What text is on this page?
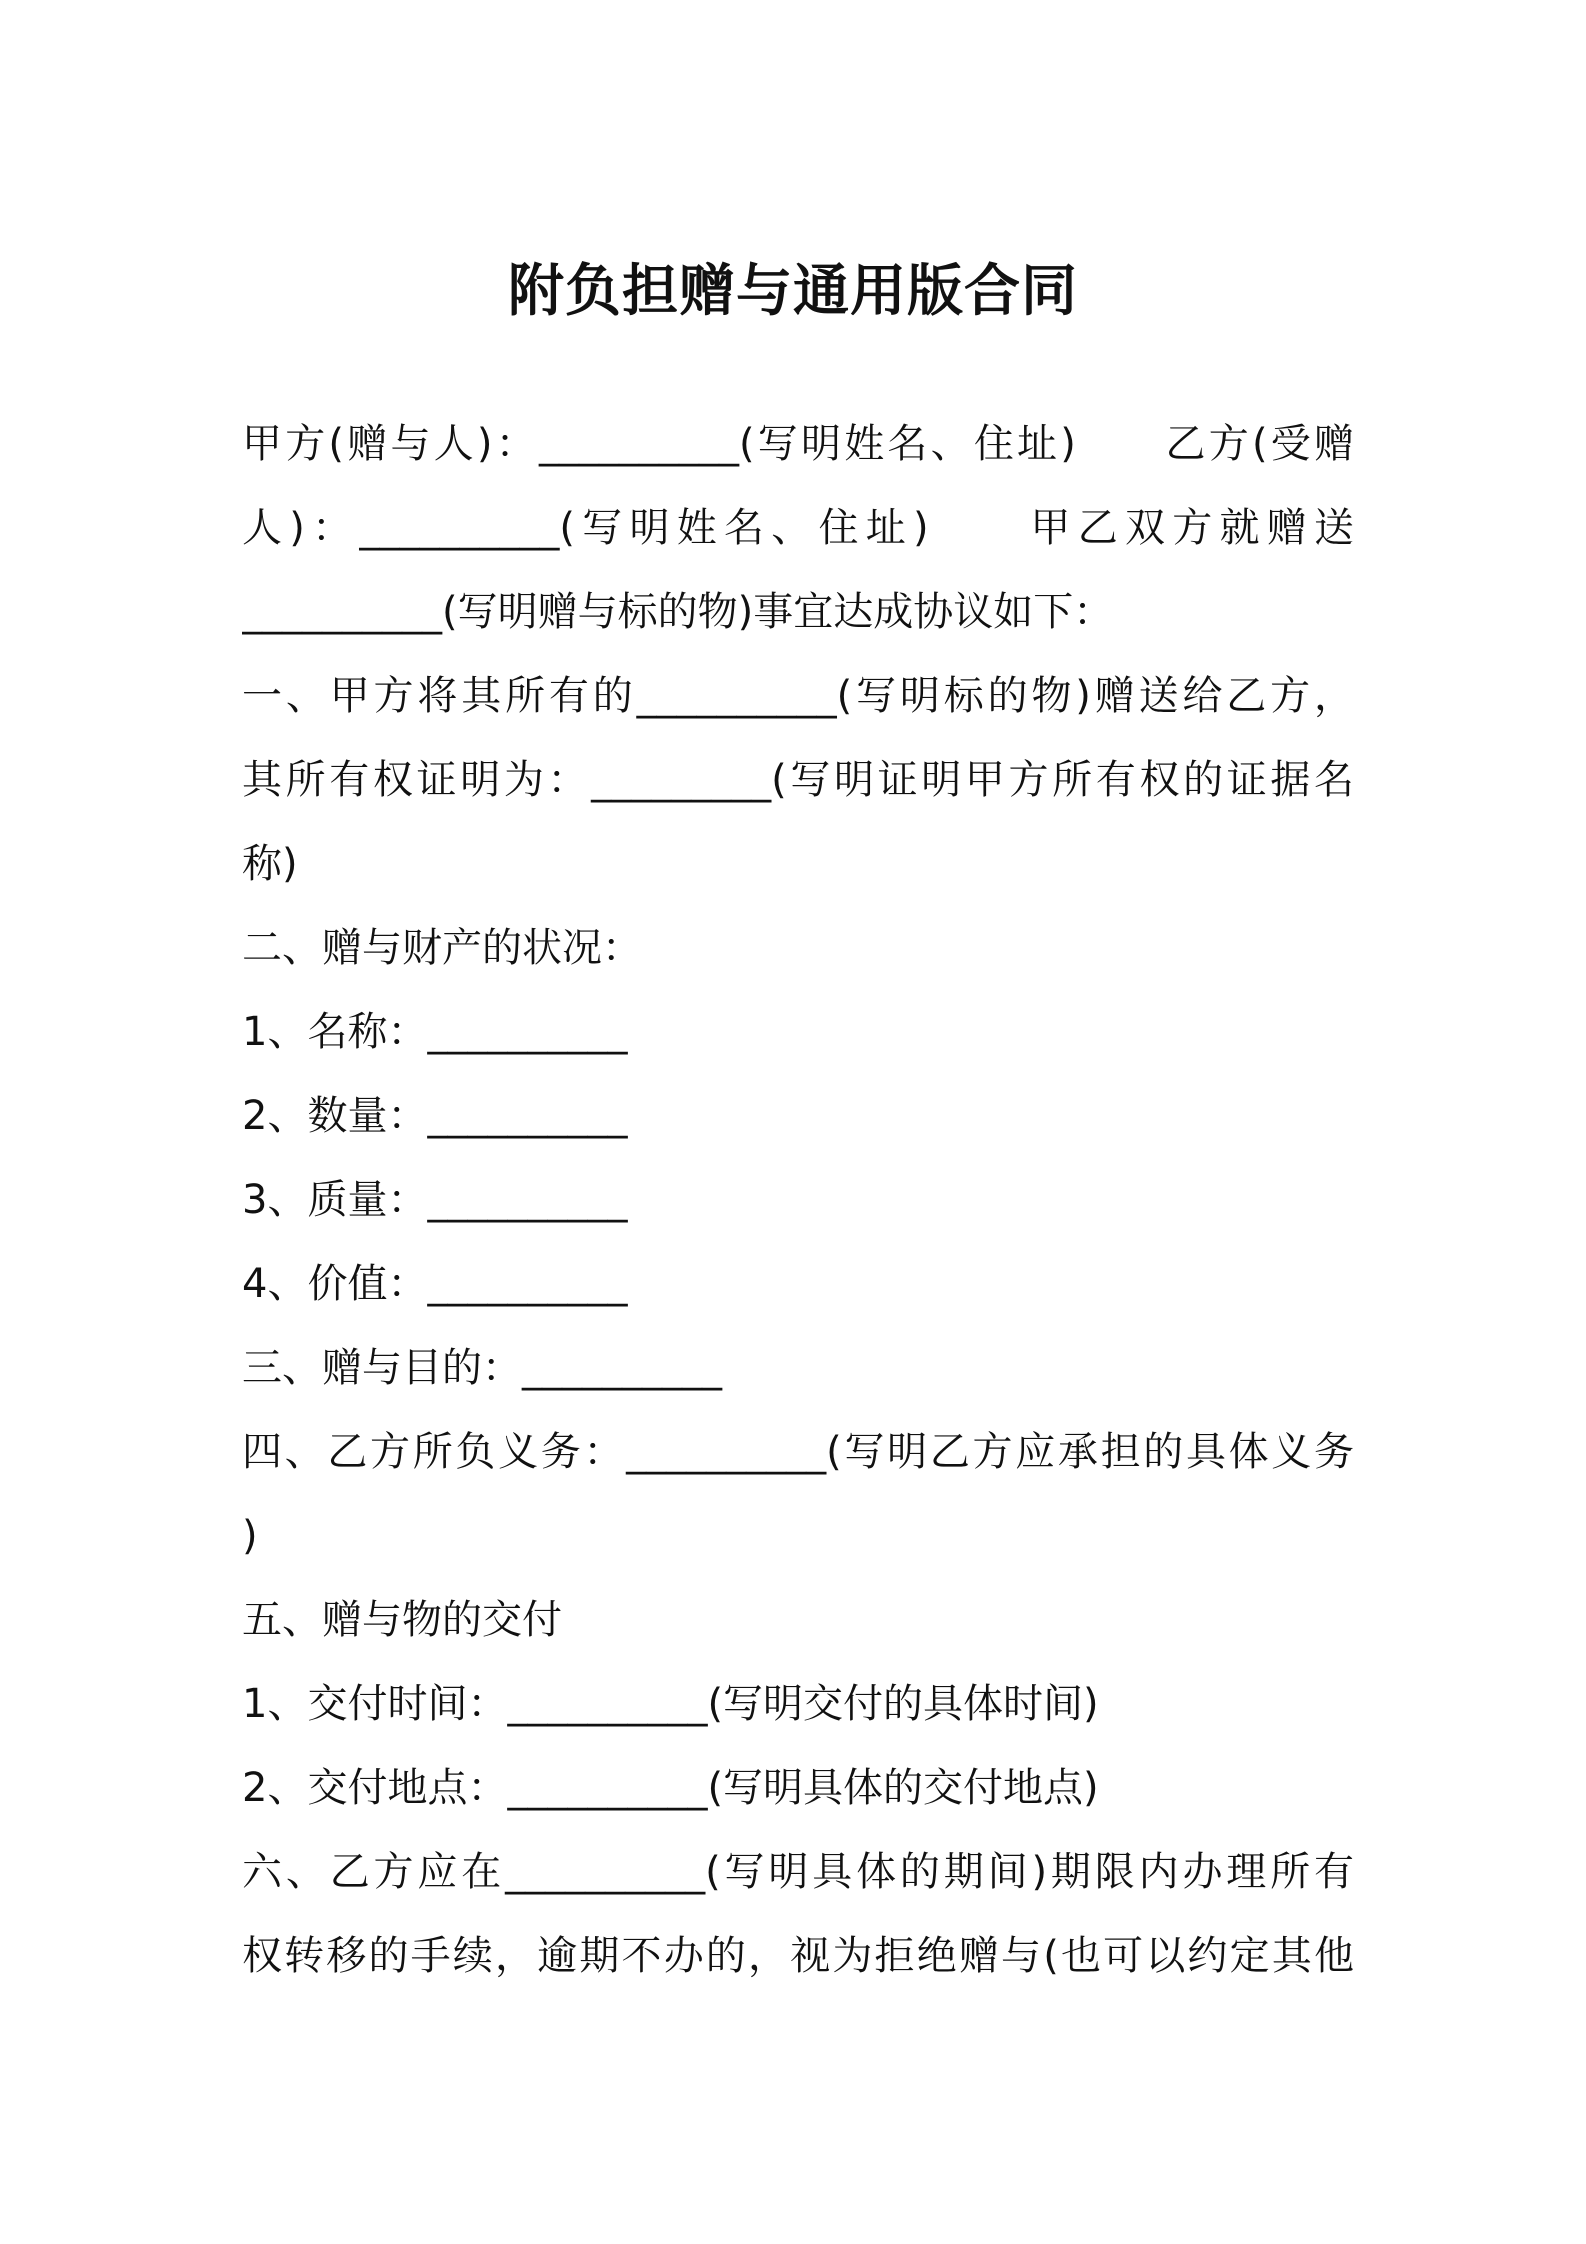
附负担赠与通用版合同
甲方(赠与人)：__________(写明姓名、住址)　　乙方(受赠
人)：__________(写明姓名、住址)　　甲乙双方就赠送
__________(写明赠与标的物)事宜达成协议如下：
一、甲方将其所有的__________(写明标的物)赠送给乙方，
其所有权证明为：_________(写明证明甲方所有权的证据名
称)
二、赠与财产的状况：
1、名称：__________
2、数量：__________
3、质量：__________
4、价值：__________
三、赠与目的：__________
四、乙方所负义务：__________(写明乙方应承担的具体义务
)
五、赠与物的交付
1、交付时间：__________(写明交付的具体时间)
2、交付地点：__________(写明具体的交付地点)
六、乙方应在__________(写明具体的期间)期限内办理所有
权转移的手续，逾期不办的，视为拒绝赠与(也可以约定其他
